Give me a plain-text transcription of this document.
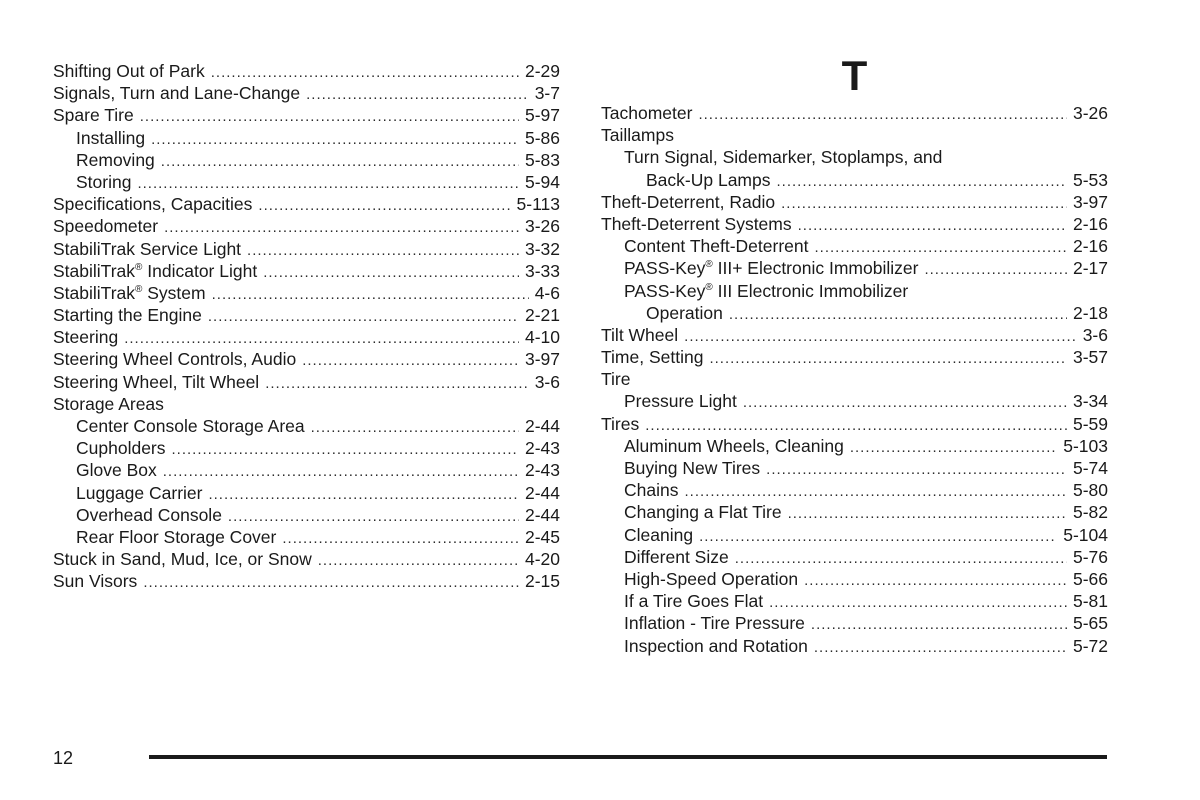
Shifting Out of Park .....	2-29
Signals, Turn and Lane-Change .....	3-7
Spare Tire .....	5-97
Installing .....	5-86
Removing .....	5-83
Storing .....	5-94
Specifications, Capacities .....	5-113
Speedometer .....	3-26
StabiliTrak Service Light .....	3-32
StabiliTrak® Indicator Light .....	3-33
StabiliTrak® System .....	4-6
Starting the Engine .....	2-21
Steering .....	4-10
Steering Wheel Controls, Audio .....	3-97
Steering Wheel, Tilt Wheel .....	3-6
Storage Areas
Center Console Storage Area .....	2-44
Cupholders .....	2-43
Glove Box .....	2-43
Luggage Carrier .....	2-44
Overhead Console .....	2-44
Rear Floor Storage Cover .....	2-45
Stuck in Sand, Mud, Ice, or Snow .....	4-20
Sun Visors .....	2-15
T
Tachometer .....	3-26
Taillamps
Turn Signal, Sidemarker, Stoplamps, and
Back-Up Lamps .....	5-53
Theft-Deterrent, Radio .....	3-97
Theft-Deterrent Systems .....	2-16
Content Theft-Deterrent .....	2-16
PASS-Key® III+ Electronic Immobilizer .....	2-17
PASS-Key® III Electronic Immobilizer
Operation .....	2-18
Tilt Wheel .....	3-6
Time, Setting .....	3-57
Tire
Pressure Light .....	3-34
Tires .....	5-59
Aluminum Wheels, Cleaning .....	5-103
Buying New Tires .....	5-74
Chains .....	5-80
Changing a Flat Tire .....	5-82
Cleaning .....	5-104
Different Size .....	5-76
High-Speed Operation .....	5-66
If a Tire Goes Flat .....	5-81
Inflation - Tire Pressure .....	5-65
Inspection and Rotation .....	5-72
12
